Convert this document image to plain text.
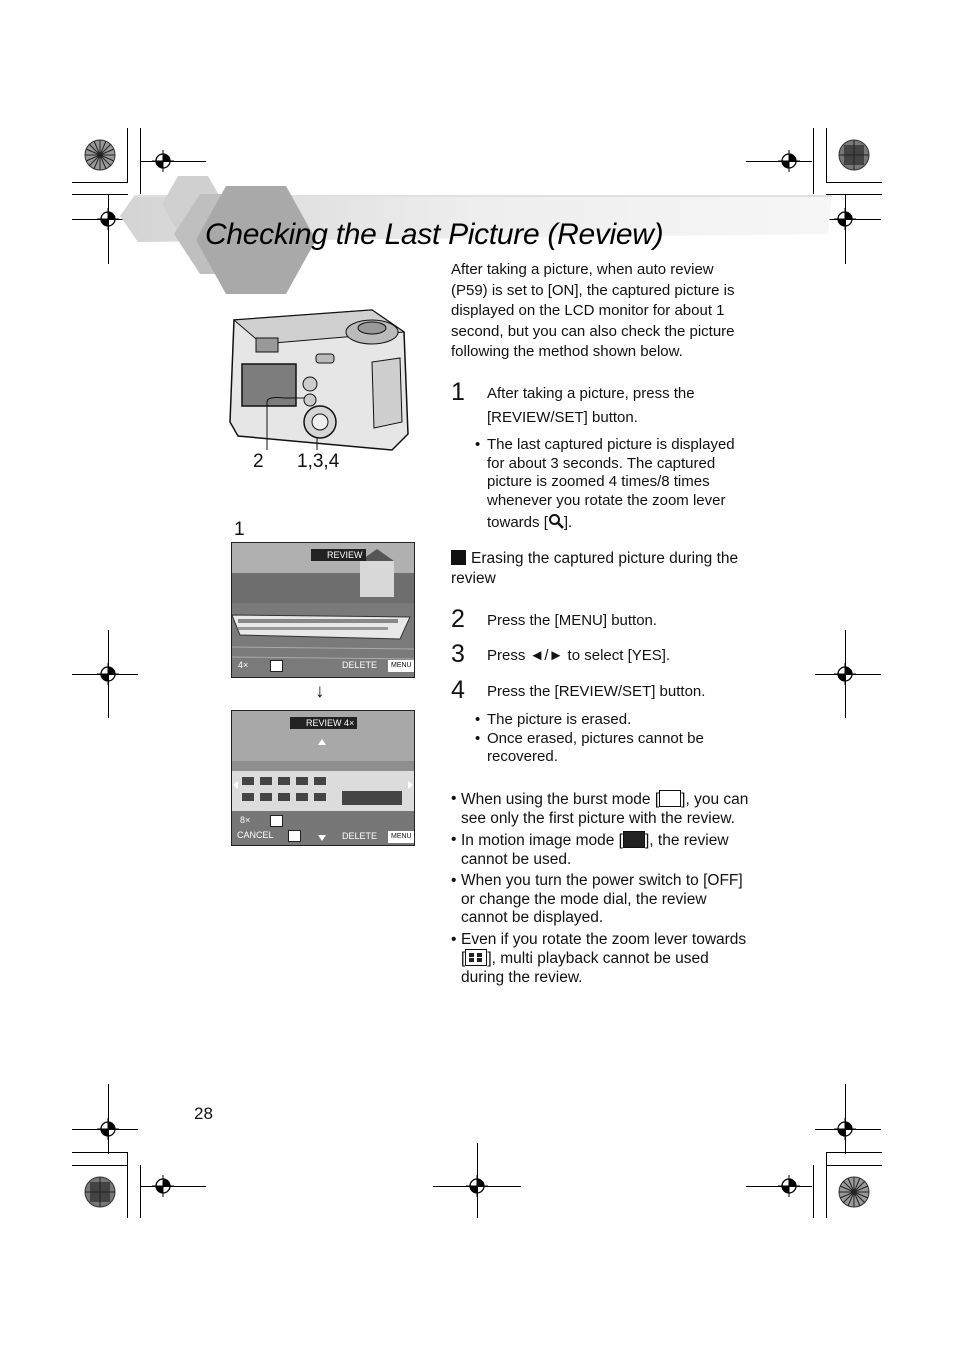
Checking the Last Picture (Review)
After taking a picture, when auto review (P59) is set to [ON], the captured picture is displayed on the LCD monitor for about 1 second, but you can also check the picture following the method shown below.
1 After taking a picture, press the [REVIEW/SET] button.
• The last captured picture is displayed for about 3 seconds. The captured picture is zoomed 4 times/8 times whenever you rotate the zoom lever
towards [ ].
Erasing the captured picture during the review
2 Press the [MENU] button.
3 Press ◄/► to select [YES].
4 Press the [REVIEW/SET] button.
• The picture is erased.
• Once erased, pictures cannot be recovered.
• When using the burst mode [ ], you can see only the first picture with the review.
• In motion image mode [ ], the review cannot be used.
• When you turn the power switch to [OFF] or change the mode dial, the review cannot be displayed.
• Even if you rotate the zoom lever towards [ ], multi playback cannot be used during the review.
2 1,3,4
1
REVIEW
4×	DELETE	MENU
↓
REVIEW 4×
8×
CANCEL	DELETE	MENU
28
